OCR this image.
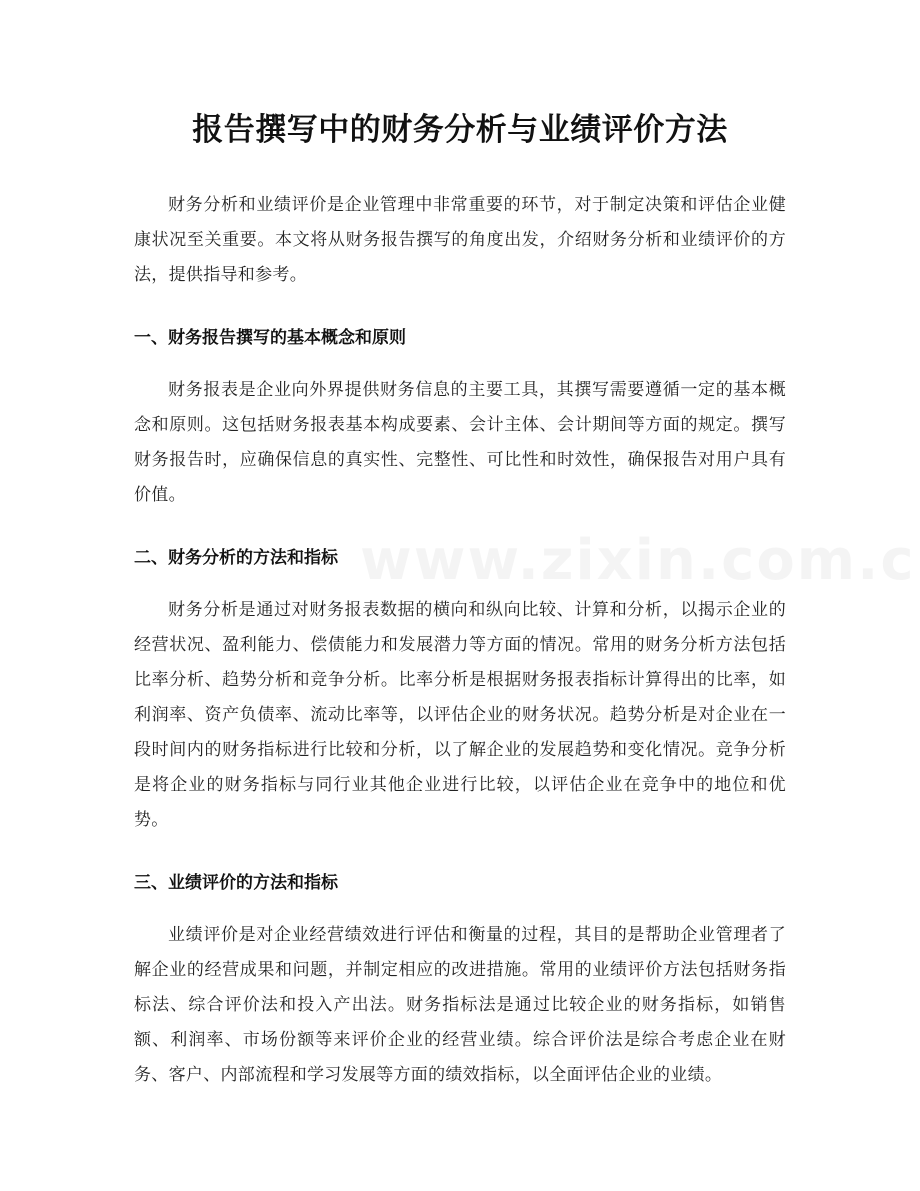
报告撰写中的财务分析与业绩评价方法

财务分析和业绩评价是企业管理中非常重要的环节，对于制定决策和评估企业健康状况至关重要。本文将从财务报告撰写的角度出发，介绍财务分析和业绩评价的方法，提供指导和参考。

一、财务报告撰写的基本概念和原则

财务报表是企业向外界提供财务信息的主要工具，其撰写需要遵循一定的基本概念和原则。这包括财务报表基本构成要素、会计主体、会计期间等方面的规定。撰写财务报告时，应确保信息的真实性、完整性、可比性和时效性，确保报告对用户具有价值。

二、财务分析的方法和指标

财务分析是通过对财务报表数据的横向和纵向比较、计算和分析，以揭示企业的经营状况、盈利能力、偿债能力和发展潜力等方面的情况。常用的财务分析方法包括比率分析、趋势分析和竞争分析。比率分析是根据财务报表指标计算得出的比率，如利润率、资产负债率、流动比率等，以评估企业的财务状况。趋势分析是对企业在一段时间内的财务指标进行比较和分析，以了解企业的发展趋势和变化情况。竞争分析是将企业的财务指标与同行业其他企业进行比较，以评估企业在竞争中的地位和优势。

三、业绩评价的方法和指标

业绩评价是对企业经营绩效进行评估和衡量的过程，其目的是帮助企业管理者了解企业的经营成果和问题，并制定相应的改进措施。常用的业绩评价方法包括财务指标法、综合评价法和投入产出法。财务指标法是通过比较企业的财务指标，如销售额、利润率、市场份额等来评价企业的经营业绩。综合评价法是综合考虑企业在财务、客户、内部流程和学习发展等方面的绩效指标，以全面评估企业的业绩。
